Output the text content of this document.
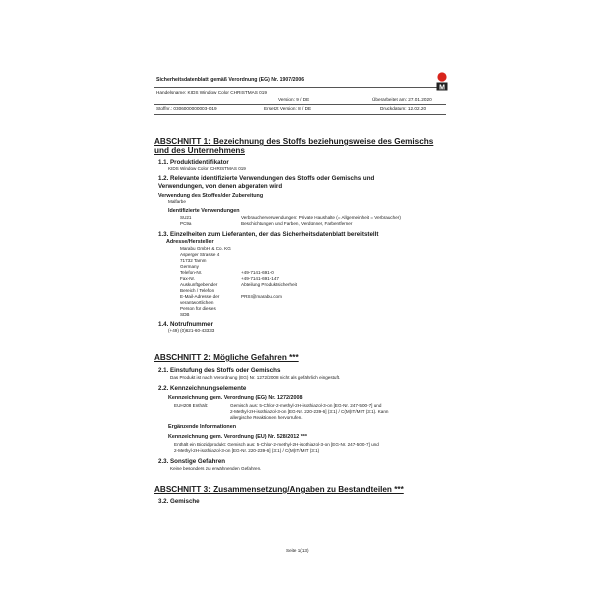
Sicherheitsdatenblatt gemäß Verordnung (EG) Nr. 1907/2006
Handelsname: KIDS Window Color CHRISTMAS 019
Version: 9 / DE	Überarbeitet am: 27.01.2020
Stoffnr.: 0306000000003-019	Ersetzt Version: 8 / DE	Druckdatum: 12.02.20
M
ABSCHNITT 1: Bezeichnung des Stoffs beziehungsweise des Gemischs
und des Unternehmens
1.1. Produktidentifikator
KIDS Window Color CHRISTMAS 019
1.2. Relevante identifizierte Verwendungen des Stoffs oder Gemischs und
Verwendungen, von denen abgeraten wird
Verwendung des Stoffes/der Zubereitung
Malfarbe
Identifizierte Verwendungen
SU21	Verbraucherverwendungen: Private Haushalte (= Allgemeinheit = Verbraucher)
PC9a	Beschichtungen und Farben, Verdünner, Farbentferner
1.3. Einzelheiten zum Lieferanten, der das Sicherheitsdatenblatt bereitstellt
Adresse/Hersteller
Marabu GmbH & Co. KG
Asperger Strasse 4
71732 Tamm
Germany
Telefon-Nr.	+49-7141-691-0
Fax-Nr.	+49-7141-691-147
Auskunftgebender	Abteilung Produktsicherheit
Bereich / Telefon
E-Mail-Adresse der	PRSI@marabu.com
verantwortlichen
Person für dieses
SDB
1.4. Notrufnummer
(+49) (0)621-60-43333
ABSCHNITT 2: Mögliche Gefahren ***
2.1. Einstufung des Stoffs oder Gemischs
Das Produkt ist nach Verordnung (EG) Nr. 1272/2008 nicht als gefährlich eingestuft.
2.2. Kennzeichnungselemente
Kennzeichnung gem. Verordnung (EG) Nr. 1272/2008
EUH208 Enthält:	Gemisch aus: 5-Chlor-2-methyl-2H-isothiazol-3-on [EG-Nr. 247-500-7] und
2-Methyl-2H-isothiazol-3-on [EG-Nr. 220-239-6] (3:1) / C(M)IT/MIT (3:1). Kann
allergische Reaktionen hervorrufen.
Ergänzende Informationen
Kennzeichnung gem. Verordnung (EU) Nr. 528/2012 ***
Enthält ein Biozidprodukt: Gemisch aus: 5-Chlor-2-methyl-2H-isothiazol-3-on [EG-Nr. 247-500-7] und
2-Methyl-2H-isothiazol-3-on [EG-Nr. 220-239-6] (3:1) / C(M)IT/MIT (3:1)
2.3. Sonstige Gefahren
Keine besonders zu erwähnenden Gefahren.
ABSCHNITT 3: Zusammensetzung/Angaben zu Bestandteilen ***
3.2. Gemische
Seite 1(13)
